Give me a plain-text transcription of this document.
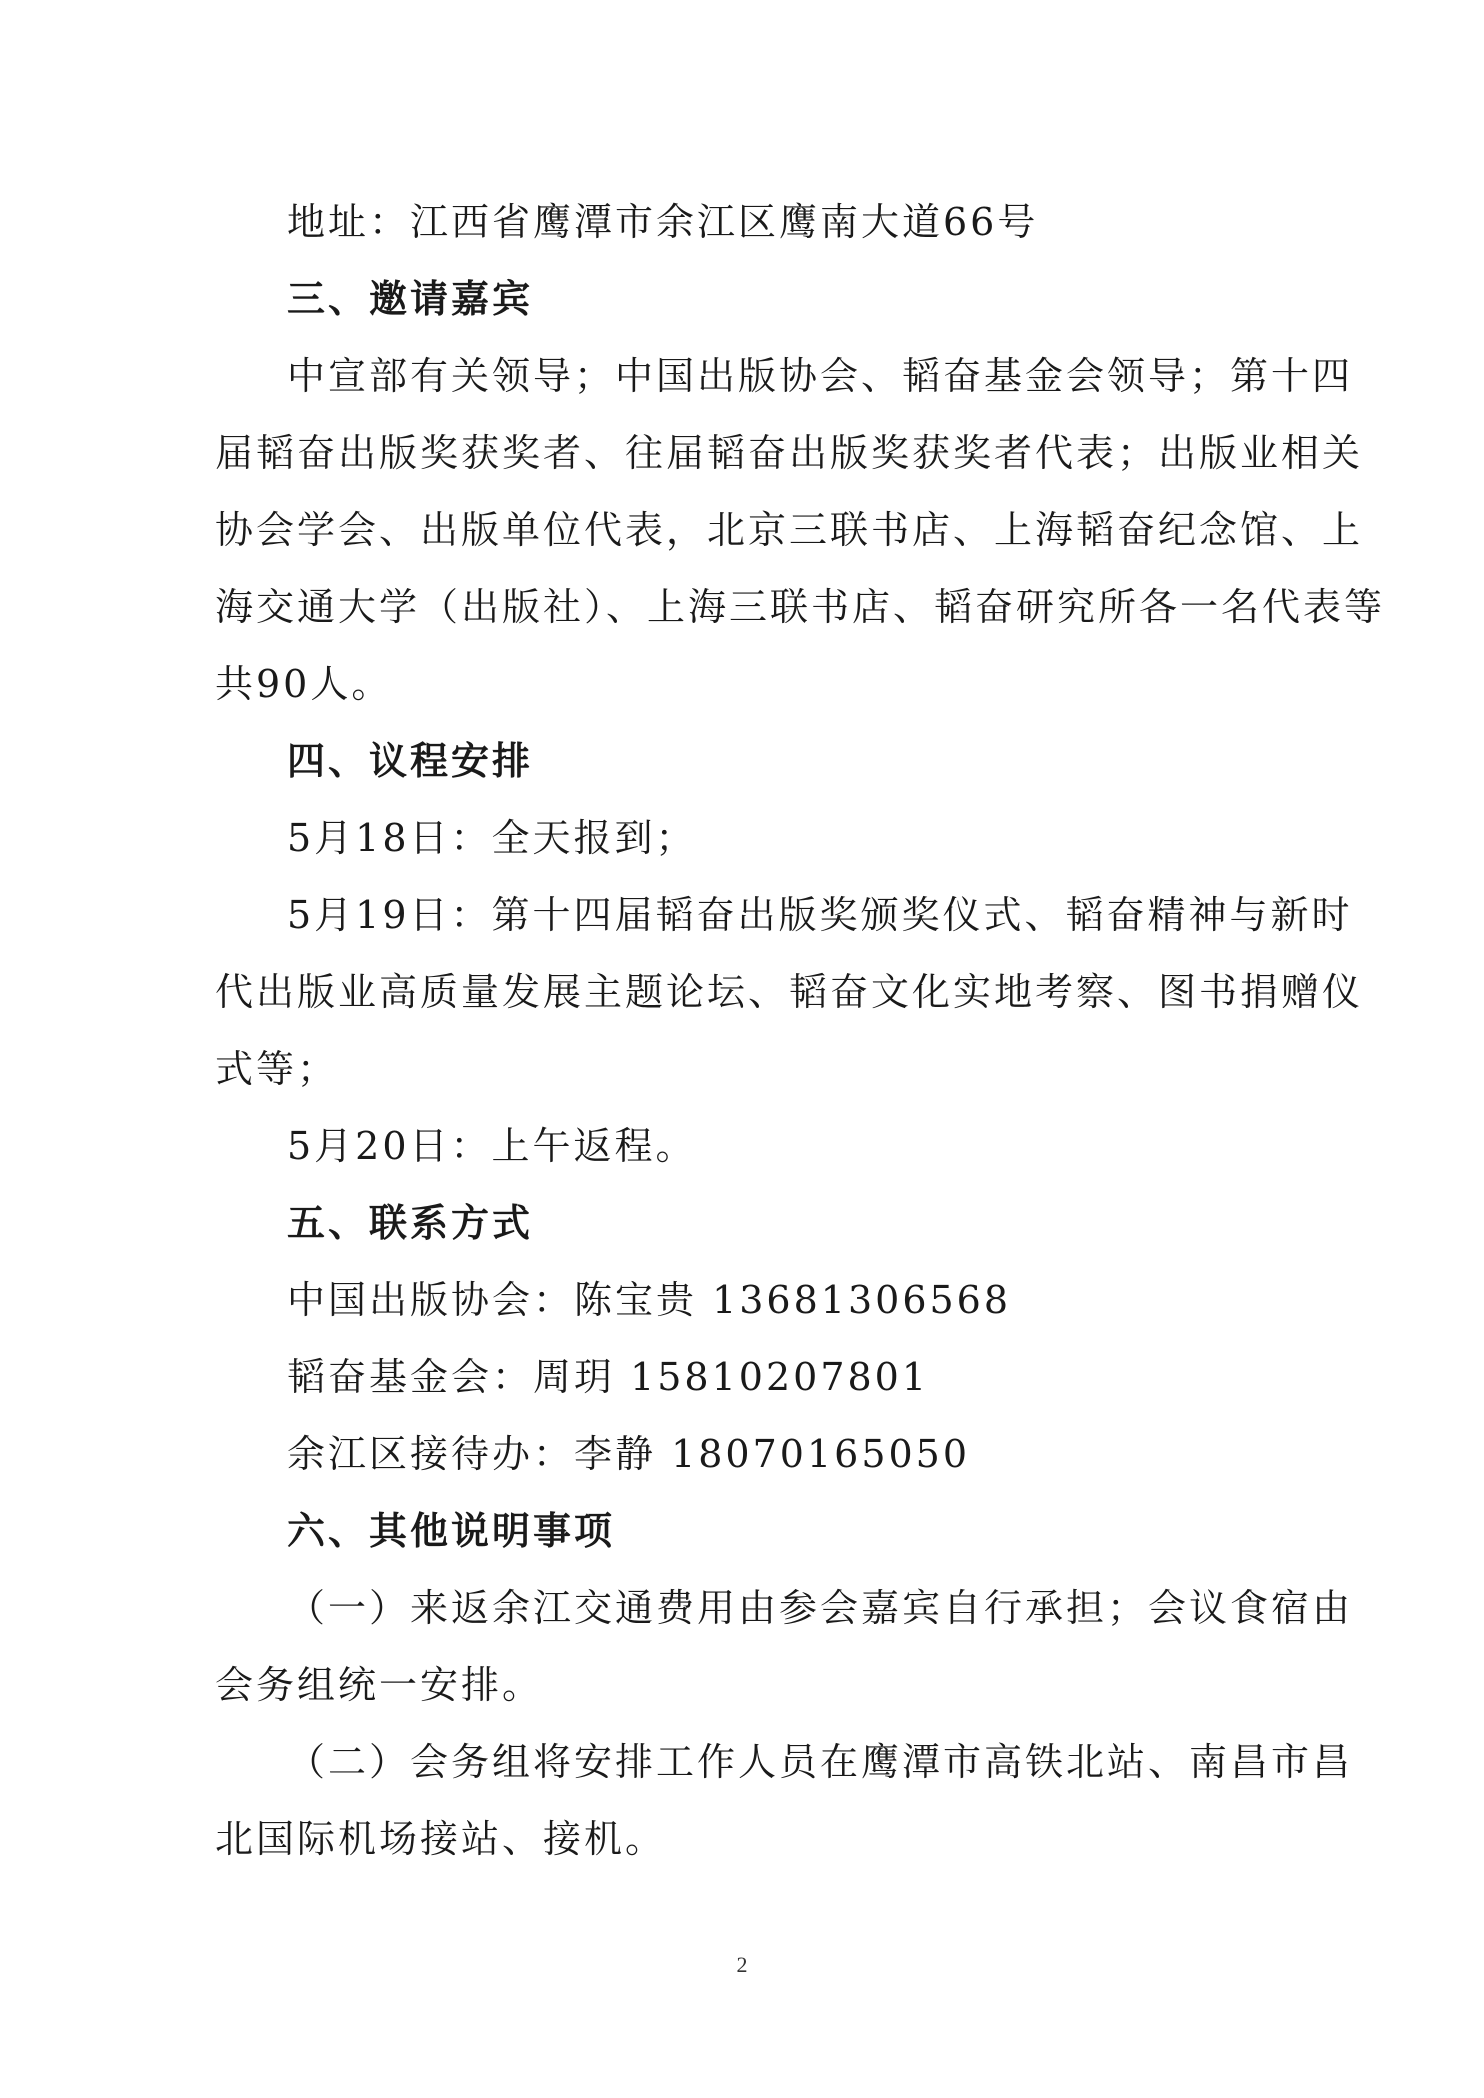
地址：江西省鹰潭市余江区鹰南大道66号
三、邀请嘉宾
中宣部有关领导；中国出版协会、韬奋基金会领导；第十四
届韬奋出版奖获奖者、往届韬奋出版奖获奖者代表；出版业相关
协会学会、出版单位代表，北京三联书店、上海韬奋纪念馆、上
海交通大学（出版社）、上海三联书店、韬奋研究所各一名代表等
共90人。
四、议程安排
5月18日：全天报到；
5月19日：第十四届韬奋出版奖颁奖仪式、韬奋精神与新时
代出版业高质量发展主题论坛、韬奋文化实地考察、图书捐赠仪
式等；
5月20日：上午返程。
五、联系方式
中国出版协会：陈宝贵 13681306568
韬奋基金会：周玥 15810207801
余江区接待办：李静 18070165050
六、其他说明事项
（一）来返余江交通费用由参会嘉宾自行承担；会议食宿由
会务组统一安排。
（二）会务组将安排工作人员在鹰潭市高铁北站、南昌市昌
北国际机场接站、接机。
2
